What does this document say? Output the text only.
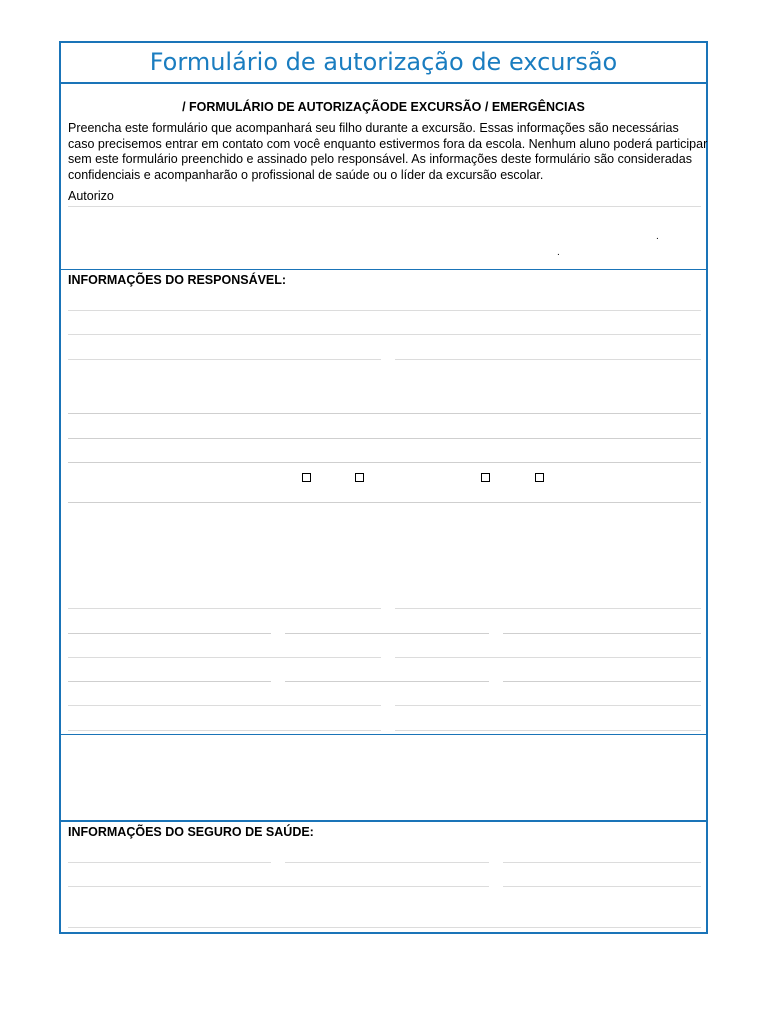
Formulário de autorização de excursão
/ FORMULÁRIO DE AUTORIZAÇÃODE EXCURSÃO / EMERGÊNCIAS
Preencha este formulário que acompanhará seu filho durante a excursão. Essas informações são necessárias caso precisemos entrar em contato com você enquanto estivermos fora da escola. Nenhum aluno poderá participar sem este formulário preenchido e assinado pelo responsável. As informações deste formulário são consideradas confidenciais e acompanharão o profissional de saúde ou o líder da excursão escolar.
Autorizo
.
.
INFORMAÇÕES DO RESPONSÁVEL:
INFORMAÇÕES DO SEGURO DE SAÚDE:
